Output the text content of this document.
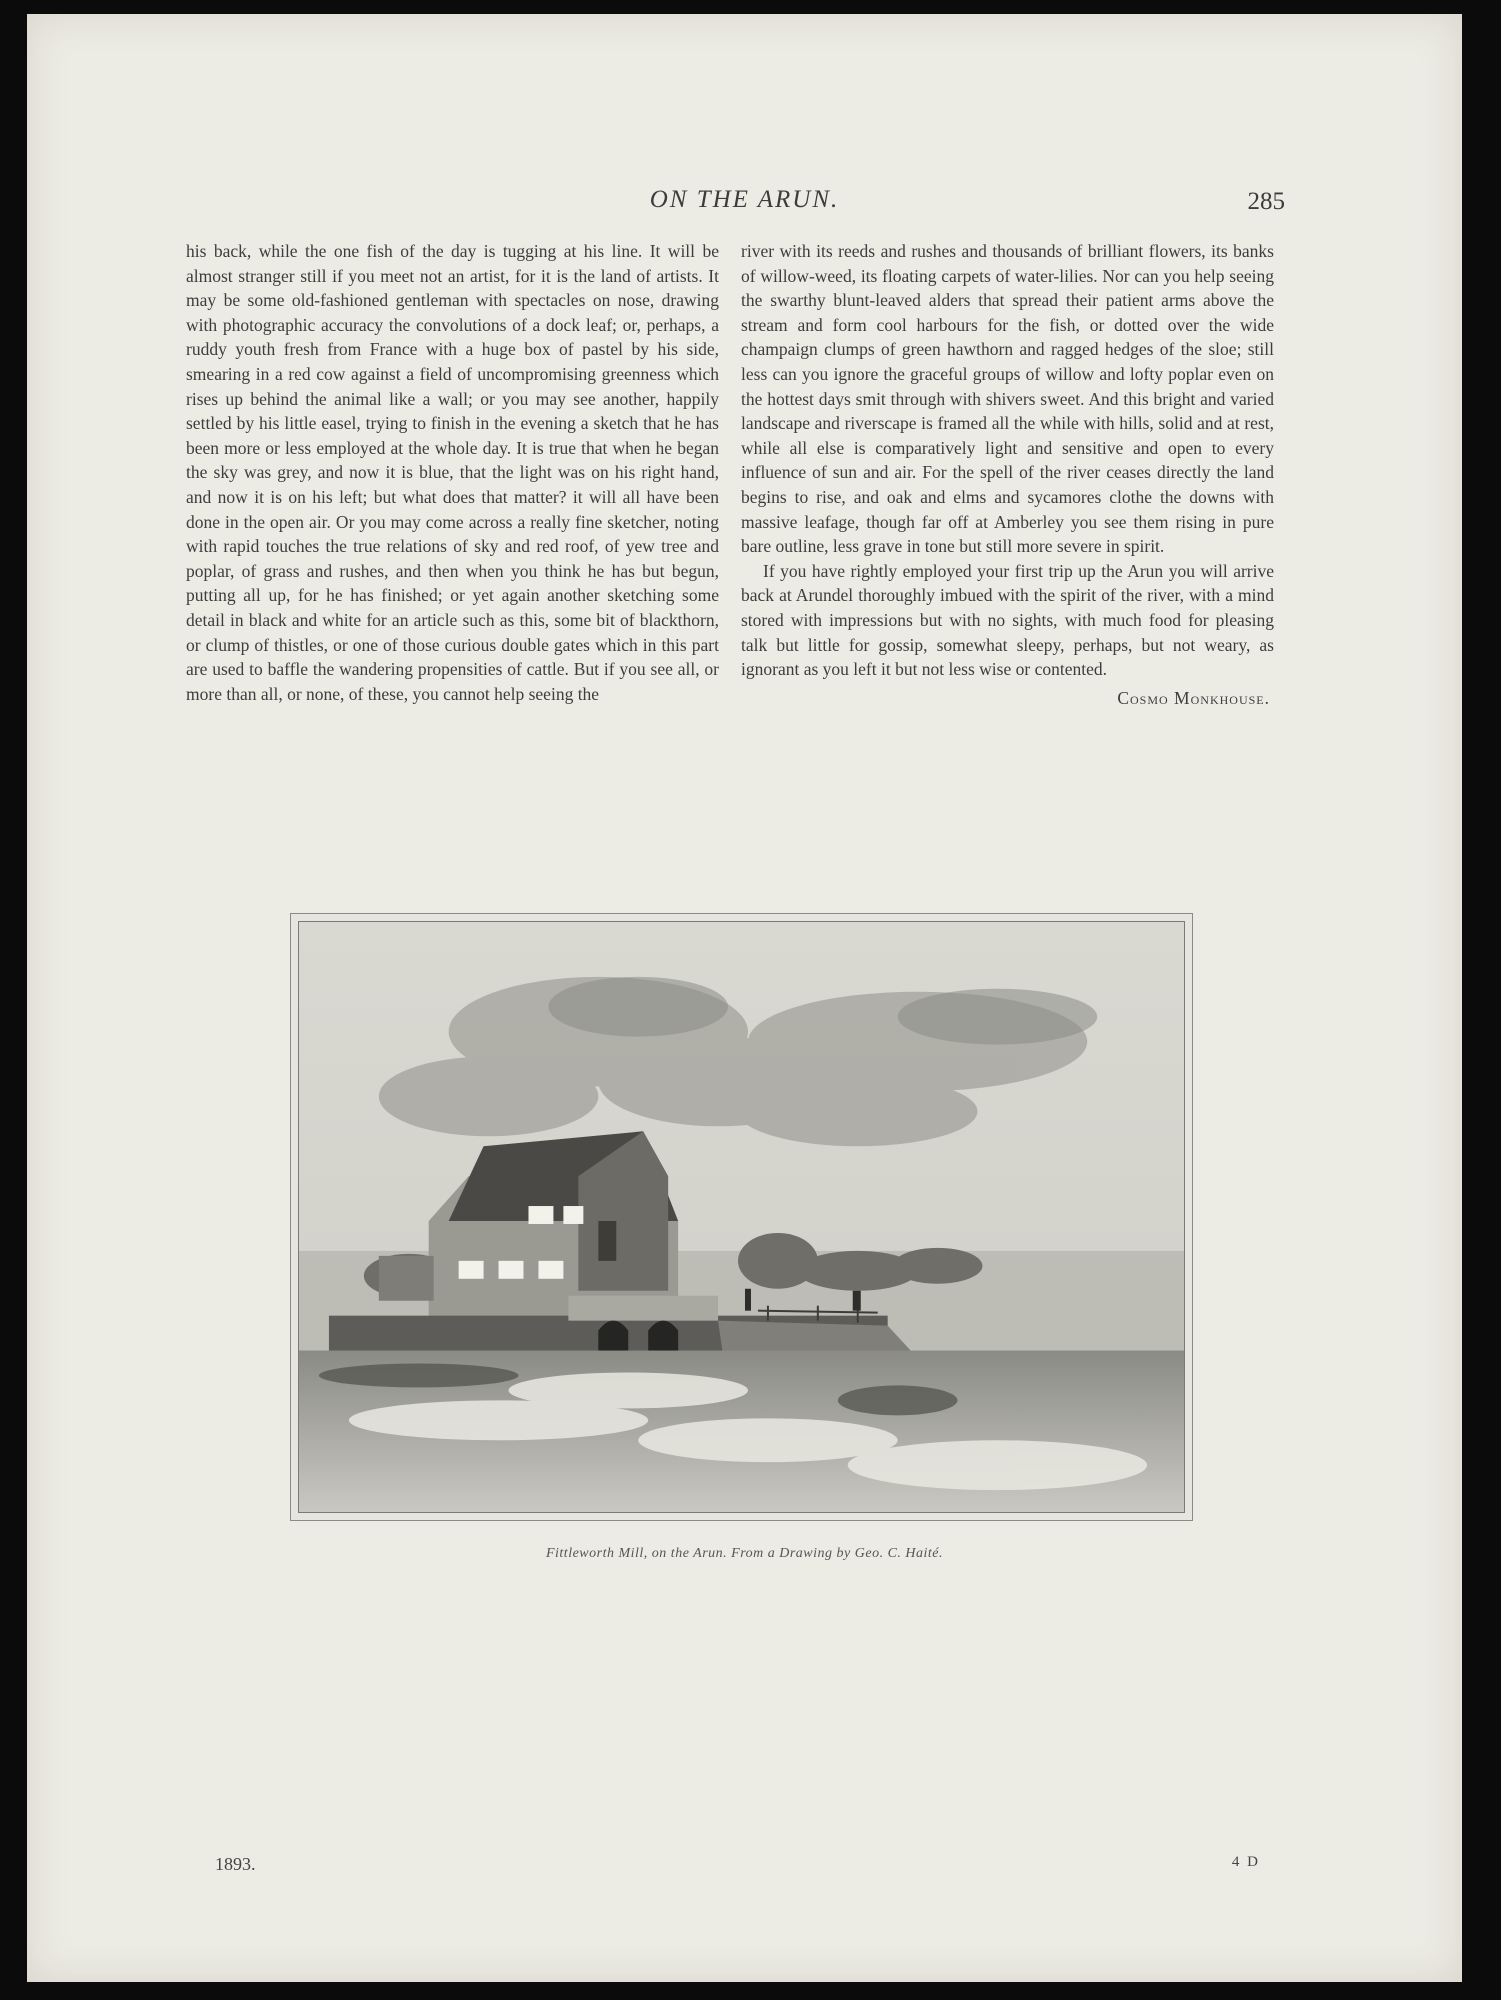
ON THE ARUN.	285

his back, while the one fish of the day is tugging at his line. It will be almost stranger still if you meet not an artist, for it is the land of artists. It may be some old-fashioned gentleman with spectacles on nose, drawing with photographic accuracy the convolutions of a dock leaf; or, perhaps, a ruddy youth fresh from France with a huge box of pastel by his side, smearing in a red cow against a field of uncompromising greenness which rises up behind the animal like a wall; or you may see another, happily settled by his little easel, trying to finish in the evening a sketch that he has been more or less employed at the whole day. It is true that when he began the sky was grey, and now it is blue, that the light was on his right hand, and now it is on his left; but what does that matter? it will all have been done in the open air. Or you may come across a really fine sketcher, noting with rapid touches the true relations of sky and red roof, of yew tree and poplar, of grass and rushes, and then when you think he has but begun, putting all up, for he has finished; or yet again another sketching some detail in black and white for an article such as this, some bit of blackthorn, or clump of thistles, or one of those curious double gates which in this part are used to baffle the wandering propensities of cattle. But if you see all, or more than all, or none, of these, you cannot help seeing the

river with its reeds and rushes and thousands of brilliant flowers, its banks of willow-weed, its floating carpets of water-lilies. Nor can you help seeing the swarthy blunt-leaved alders that spread their patient arms above the stream and form cool harbours for the fish, or dotted over the wide champaign clumps of green hawthorn and ragged hedges of the sloe; still less can you ignore the graceful groups of willow and lofty poplar even on the hottest days smit through with shivers sweet. And this bright and varied landscape and riverscape is framed all the while with hills, solid and at rest, while all else is comparatively light and sensitive and open to every influence of sun and air. For the spell of the river ceases directly the land begins to rise, and oak and elms and sycamores clothe the downs with massive leafage, though far off at Amberley you see them rising in pure bare outline, less grave in tone but still more severe in spirit.

If you have rightly employed your first trip up the Arun you will arrive back at Arundel thoroughly imbued with the spirit of the river, with a mind stored with impressions but with no sights, with much food for pleasing talk but little for gossip, somewhat sleepy, perhaps, but not weary, as ignorant as you left it but not less wise or contented.

Cosmo Monkhouse.
Fittleworth Mill, on the Arun. From a Drawing by Geo. C. Haité.
1893.	4 D
